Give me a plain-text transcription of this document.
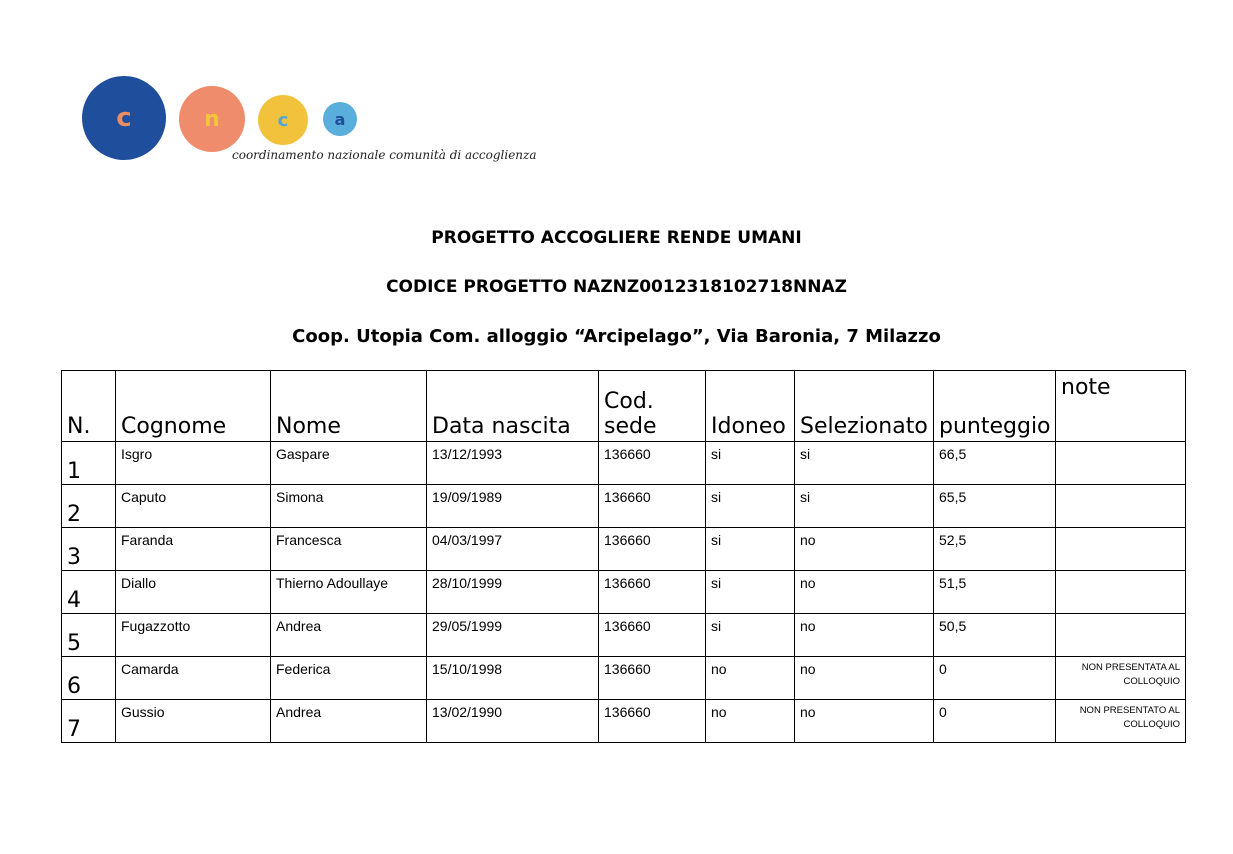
c	n	c	a
coordinamento nazionale comunità di accoglienza
PROGETTO ACCOGLIERE RENDE UMANI
CODICE PROGETTO NAZNZ0012318102718NNAZ
Coop. Utopia Com. alloggio “Arcipelago”, Via Baronia, 7 Milazzo
N.	Cognome	Nome	Data nascita	Cod. sede	Idoneo	Selezionato	punteggio	note
1	Isgro	Gaspare	13/12/1993	136660	si	si	66,5	
2	Caputo	Simona	19/09/1989	136660	si	si	65,5	
3	Faranda	Francesca	04/03/1997	136660	si	no	52,5	
4	Diallo	Thierno Adoullaye	28/10/1999	136660	si	no	51,5	
5	Fugazzotto	Andrea	29/05/1999	136660	si	no	50,5	
6	Camarda	Federica	15/10/1998	136660	no	no	0	NON PRESENTATA AL COLLOQUIO
7	Gussio	Andrea	13/02/1990	136660	no	no	0	NON PRESENTATO AL COLLOQUIO
